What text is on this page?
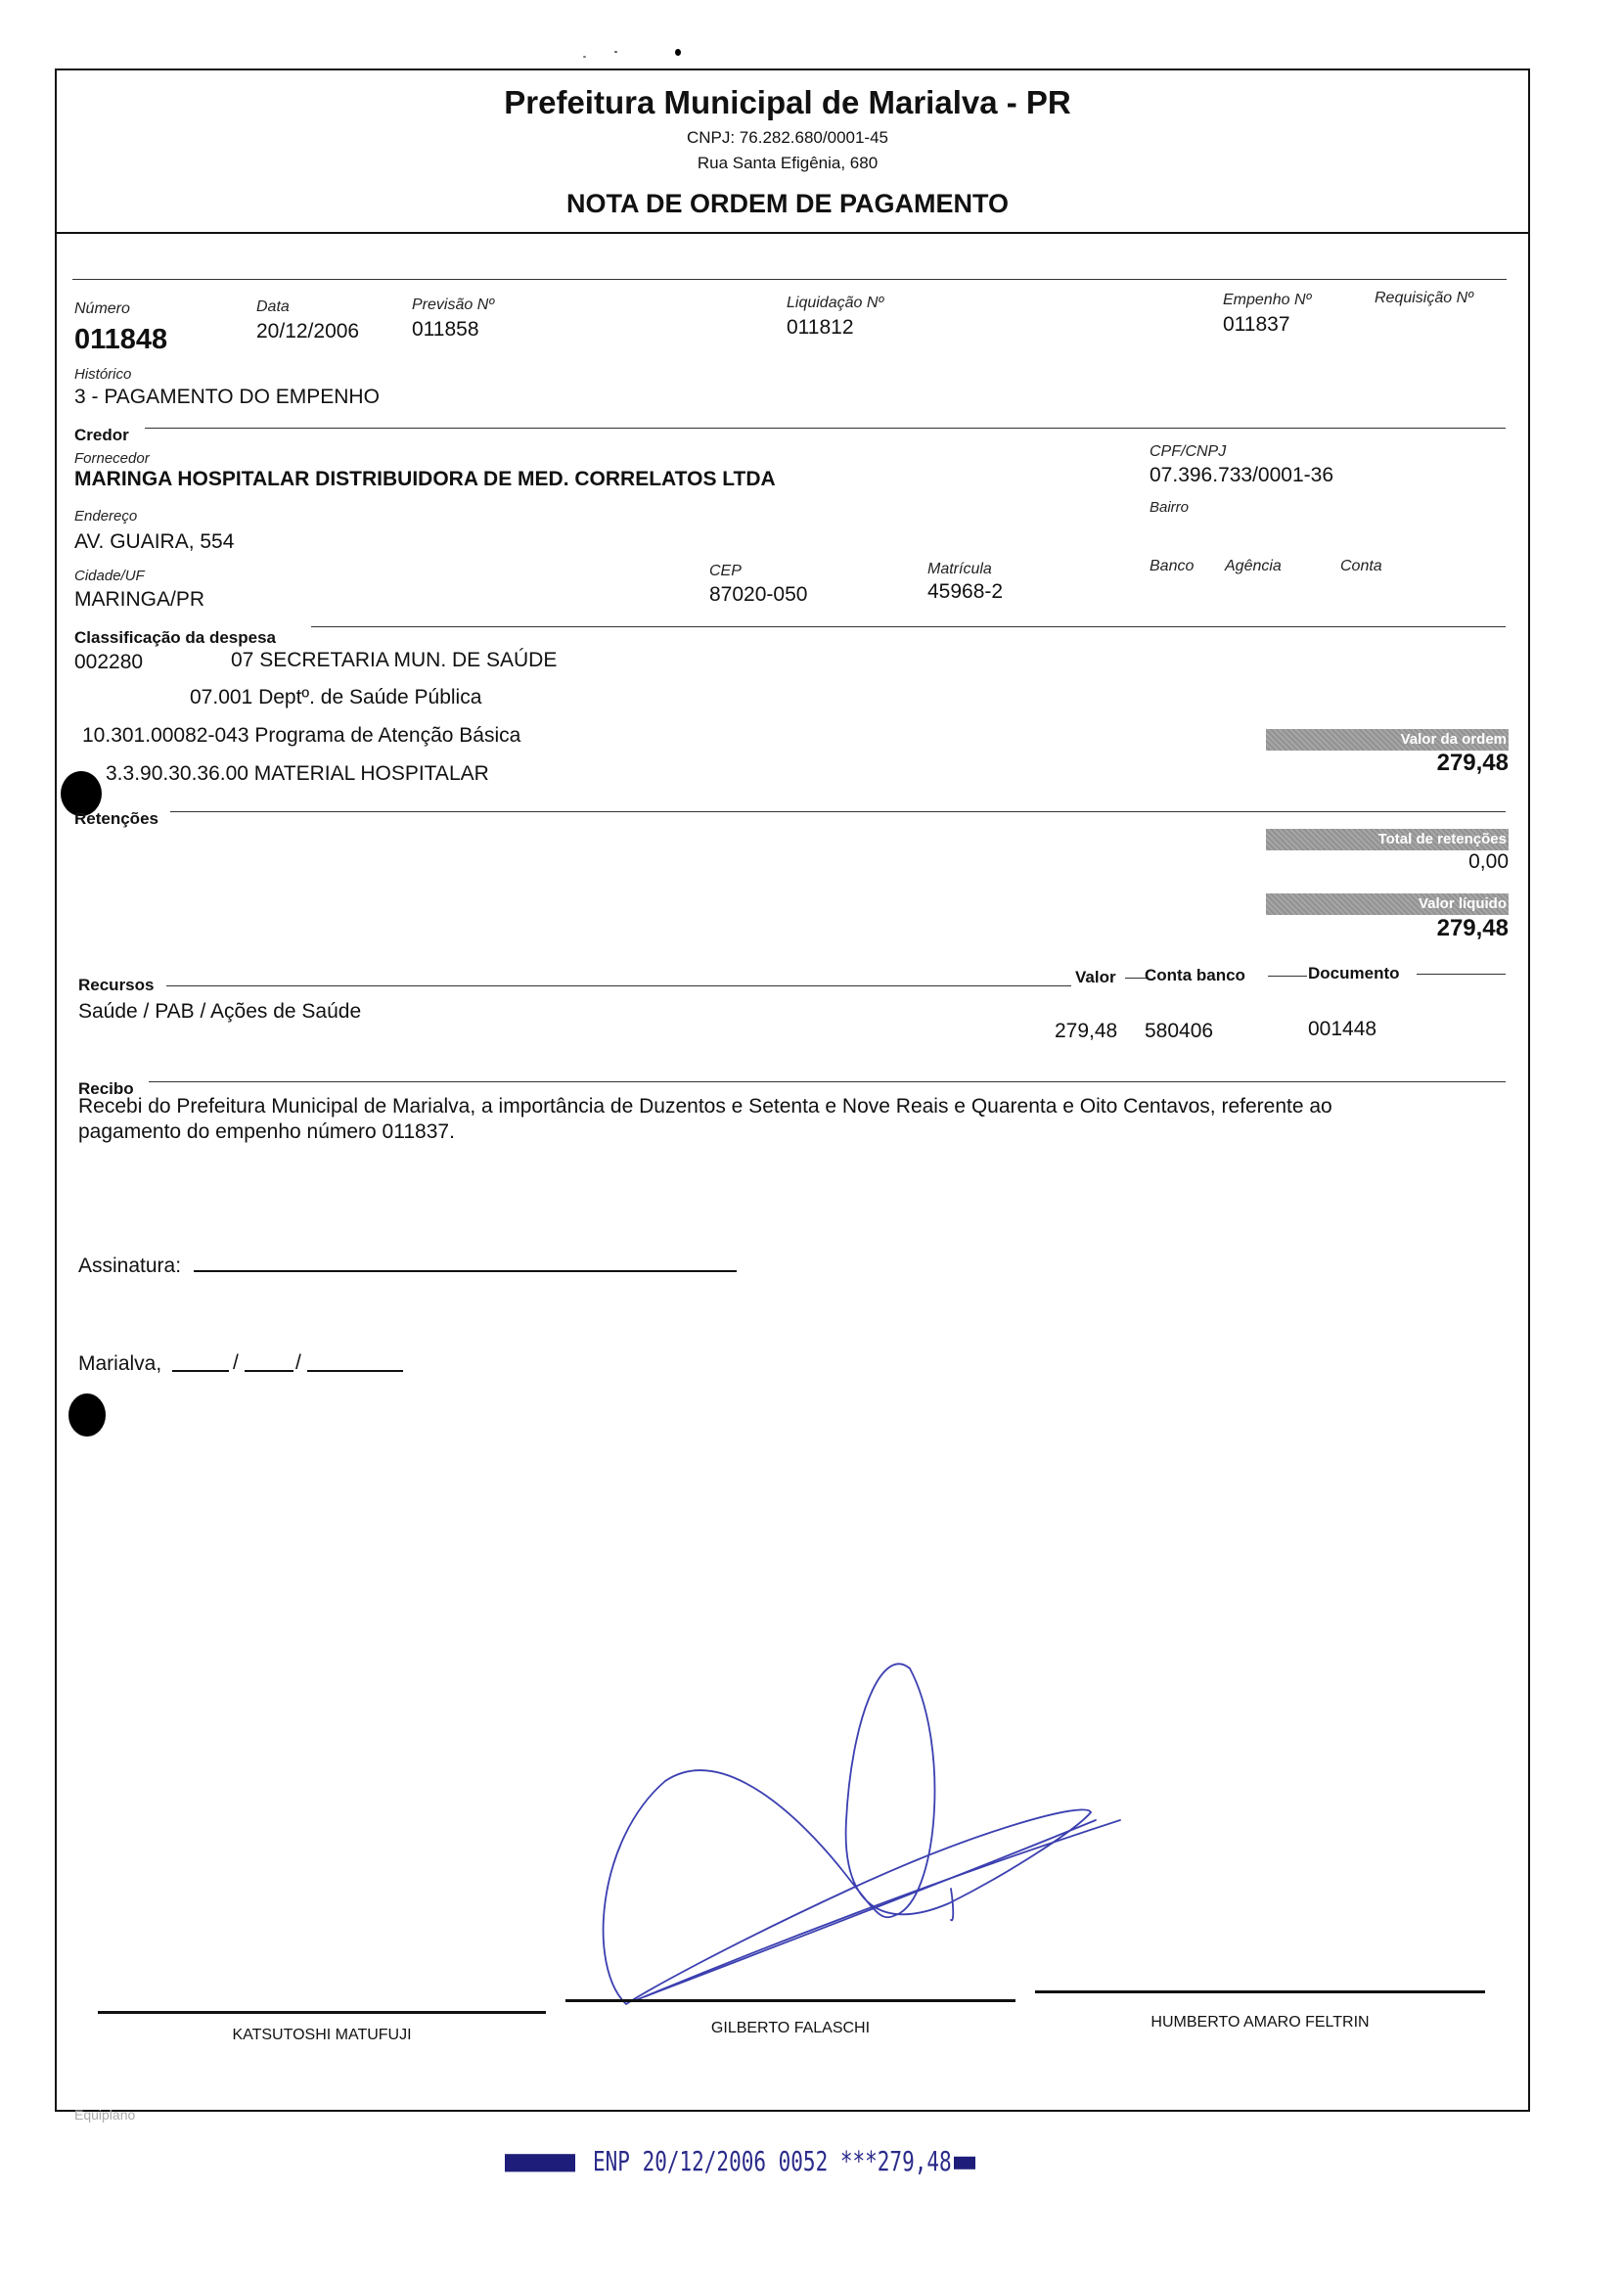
Prefeitura Municipal de Marialva - PR
CNPJ: 76.282.680/0001-45
Rua Santa Efigênia, 680
NOTA DE ORDEM DE PAGAMENTO
Número
011848
Data
20/12/2006
Previsão Nº
011858
Liquidação Nº
011812
Empenho Nº
011837
Requisição Nº
Histórico
3 - PAGAMENTO DO EMPENHO
Credor
Fornecedor
MARINGA HOSPITALAR DISTRIBUIDORA DE MED. CORRELATOS LTDA
CPF/CNPJ
07.396.733/0001-36
Endereço
AV. GUAIRA, 554
Bairro
Cidade/UF
MARINGA/PR
CEP
87020-050
Matrícula
45968-2
Banco Agência	Conta
Classificação da despesa
002280	07 SECRETARIA MUN. DE SAÚDE
07.001 Deptº. de Saúde Pública
10.301.00082-043 Programa de Atenção Básica
3.3.90.30.36.00 MATERIAL HOSPITALAR
Valor da ordem
279,48
Retenções
Total de retenções
0,00
Valor líquido
279,48
Recursos	Valor Conta banco	Documento
Saúde / PAB / Ações de Saúde
279,48 580406	001448
Recibo
Recebi do Prefeitura Municipal de Marialva, a importância de Duzentos e Setenta e Nove Reais e Quarenta e Oito Centavos, referente ao
pagamento do empenho número 011837.
Assinatura:
Marialva,	/	/
KATSUTOSHI MATUFUJI	GILBERTO FALASCHI	HUMBERTO AMARO FELTRIN
Equiplano
ENP 20/12/2006 0052 ***279,48
